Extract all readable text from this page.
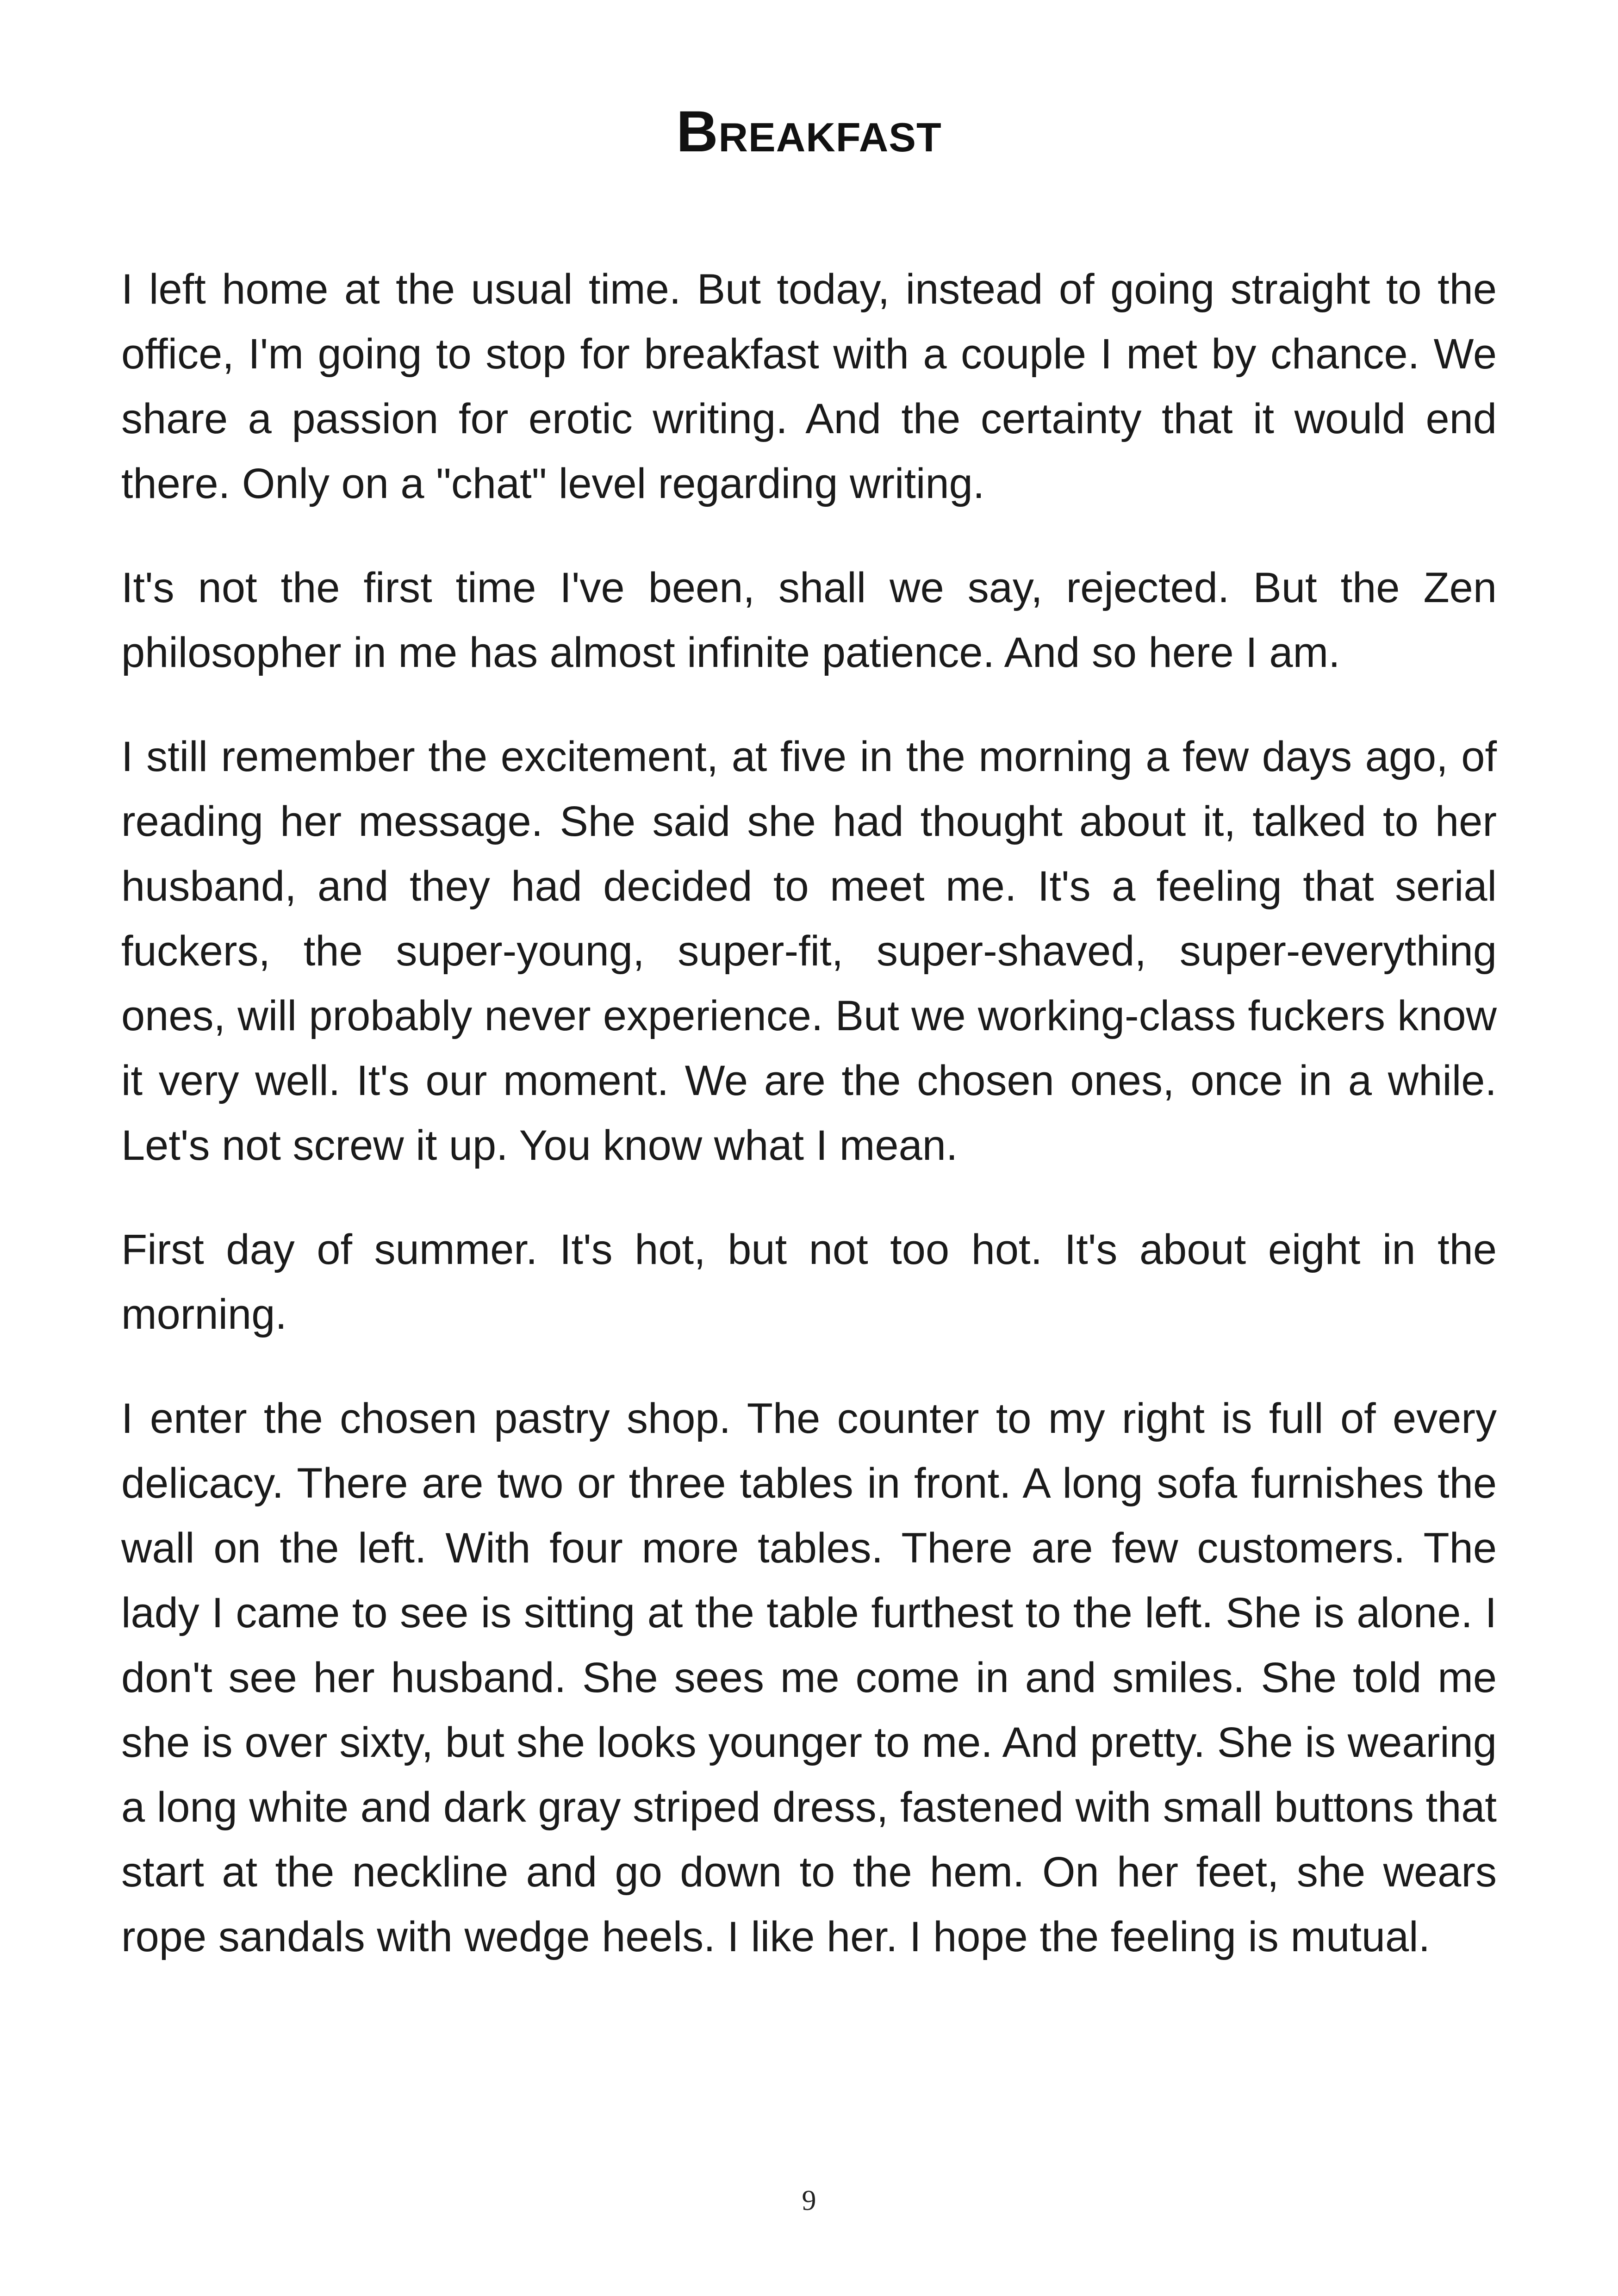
Breakfast

I left home at the usual time. But today, instead of going straight to the office, I'm going to stop for breakfast with a couple I met by chance. We share a passion for erotic writing. And the certainty that it would end there. Only on a "chat" level regarding writing.

It's not the first time I've been, shall we say, rejected. But the Zen philosopher in me has almost infinite patience. And so here I am.

I still remember the excitement, at five in the morning a few days ago, of reading her message. She said she had thought about it, talked to her husband, and they had decided to meet me. It's a feeling that serial fuckers, the super-young, super-fit, super-shaved, super-everything ones, will probably never experience. But we working-class fuckers know it very well. It's our moment. We are the chosen ones, once in a while. Let's not screw it up. You know what I mean.

First day of summer. It's hot, but not too hot. It's about eight in the morning.

I enter the chosen pastry shop. The counter to my right is full of every delicacy. There are two or three tables in front. A long sofa furnishes the wall on the left. With four more tables. There are few customers. The lady I came to see is sitting at the table furthest to the left. She is alone. I don't see her husband. She sees me come in and smiles. She told me she is over sixty, but she looks younger to me. And pretty. She is wearing a long white and dark gray striped dress, fastened with small buttons that start at the neckline and go down to the hem. On her feet, she wears rope sandals with wedge heels. I like her. I hope the feeling is mutual.

9
